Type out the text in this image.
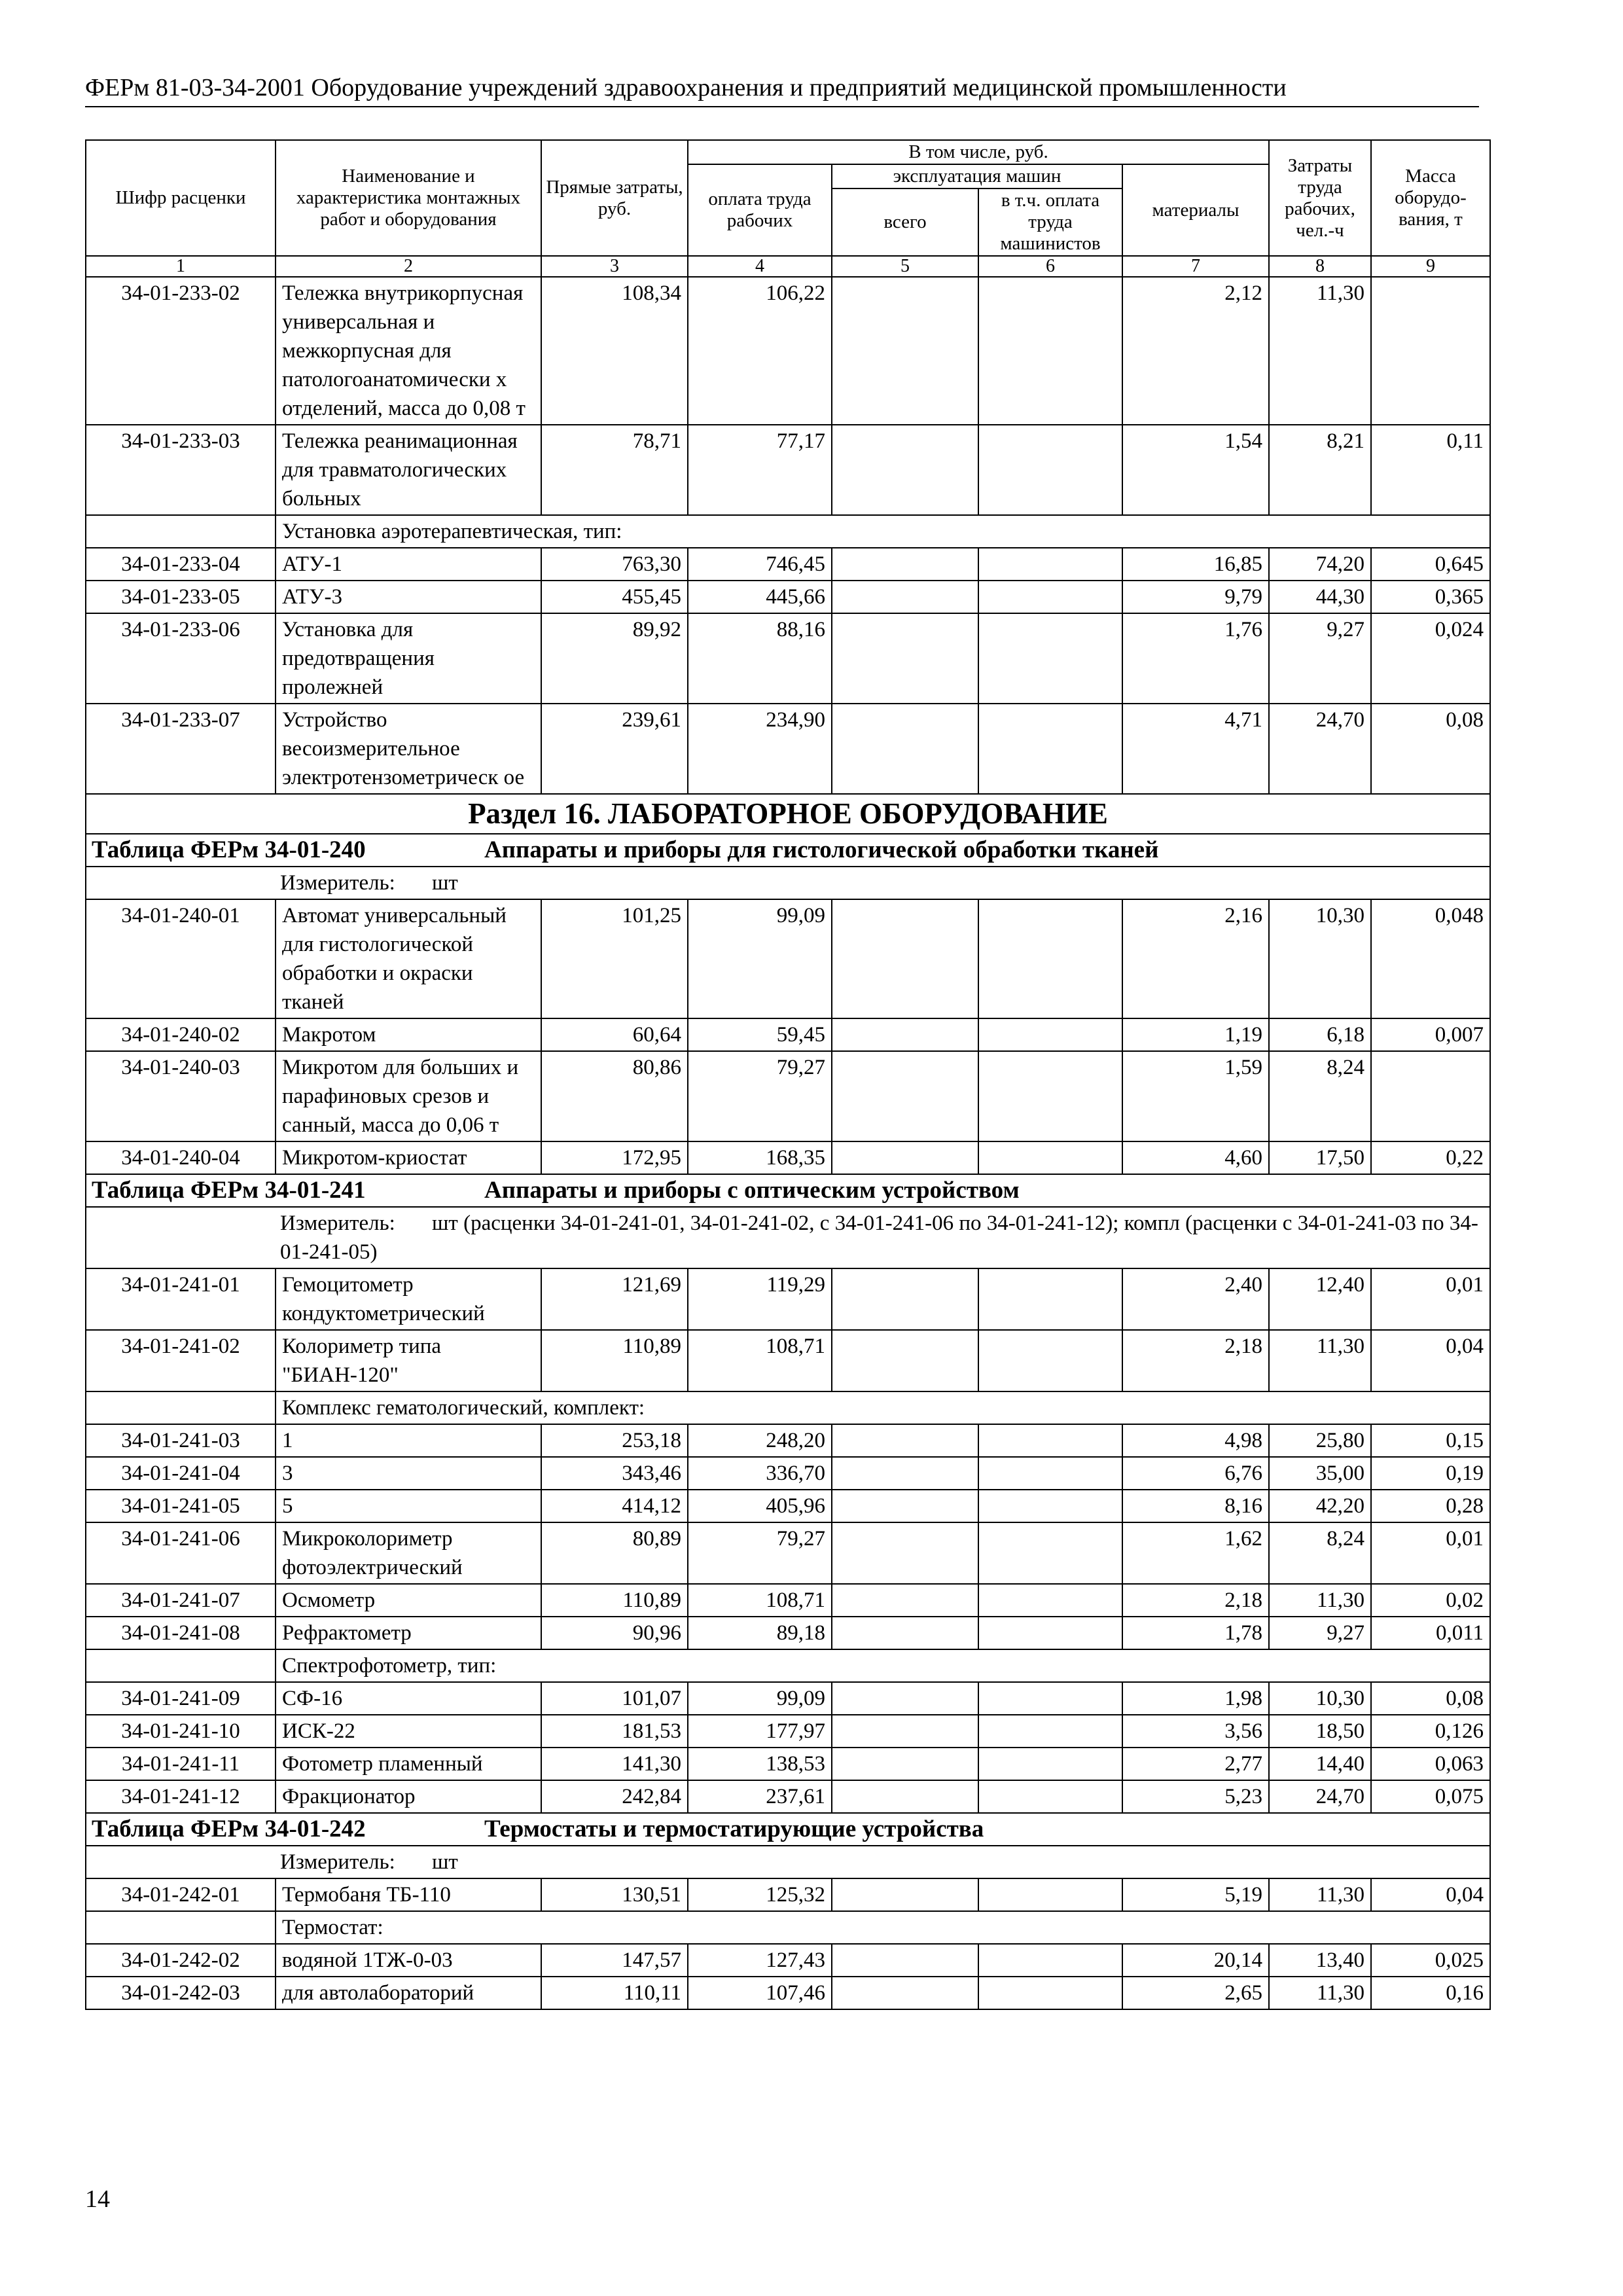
ФЕРм 81-03-34-2001 Оборудование учреждений здравоохранения и предприятий медицинской промышленности
Шифр расценки	Наименование и характеристика монтажных работ и оборудования	Прямые затраты, руб.	В том числе, руб.				Затраты труда рабочих, чел.-ч	Масса оборудо-вания, т
			оплата труда рабочих	эксплуатация машин		материалы		
				всего	в т.ч. оплата труда машинистов			
1	2	3	4	5	6	7	8	9
34-01-233-02	Тележка внутрикорпусная универсальная и межкорпусная для патологоанатомически х отделений, масса до 0,08 т	108,34	106,22			2,12	11,30	
34-01-233-03	Тележка реанимационная для травматологических больных	78,71	77,17			1,54	8,21	0,11
	Установка аэротерапевтическая, тип:							
34-01-233-04	АТУ-1	763,30	746,45			16,85	74,20	0,645
34-01-233-05	АТУ-3	455,45	445,66			9,79	44,30	0,365
34-01-233-06	Установка для предотвращения пролежней	89,92	88,16			1,76	9,27	0,024
34-01-233-07	Устройство весоизмерительное электротензометрическ ое	239,61	234,90			4,71	24,70	0,08
Раздел 16. ЛАБОРАТОРНОЕ ОБОРУДОВАНИЕ								
Таблица ФЕРм 34-01-240 Аппараты и приборы для гистологической обработки тканей								
Измеритель: шт								
34-01-240-01	Автомат универсальный для гистологической обработки и окраски тканей	101,25	99,09			2,16	10,30	0,048
34-01-240-02	Макротом	60,64	59,45			1,19	6,18	0,007
34-01-240-03	Микротом для больших и парафиновых срезов и санный, масса до 0,06 т	80,86	79,27			1,59	8,24	
34-01-240-04	Микротом-криостат	172,95	168,35			4,60	17,50	0,22
Таблица ФЕРм 34-01-241 Аппараты и приборы с оптическим устройством								
Измеритель: шт (расценки 34-01-241-01, 34-01-241-02, с 34-01-241-06 по 34-01-241-12); компл (расценки с 34-01-241-03 по 34-01-241-05)								
34-01-241-01	Гемоцитометр кондуктометрический	121,69	119,29			2,40	12,40	0,01
34-01-241-02	Колориметр типа "БИАН-120"	110,89	108,71			2,18	11,30	0,04
	Комплекс гематологический, комплект:							
34-01-241-03	1	253,18	248,20			4,98	25,80	0,15
34-01-241-04	3	343,46	336,70			6,76	35,00	0,19
34-01-241-05	5	414,12	405,96			8,16	42,20	0,28
34-01-241-06	Микроколориметр фотоэлектрический	80,89	79,27			1,62	8,24	0,01
34-01-241-07	Осмометр	110,89	108,71			2,18	11,30	0,02
34-01-241-08	Рефрактометр	90,96	89,18			1,78	9,27	0,011
	Спектрофотометр, тип:							
34-01-241-09	СФ-16	101,07	99,09			1,98	10,30	0,08
34-01-241-10	ИСК-22	181,53	177,97			3,56	18,50	0,126
34-01-241-11	Фотометр пламенный	141,30	138,53			2,77	14,40	0,063
34-01-241-12	Фракционатор	242,84	237,61			5,23	24,70	0,075
Таблица ФЕРм 34-01-242 Термостаты и термостатирующие устройства								
Измеритель: шт								
34-01-242-01	Термобаня ТБ-110	130,51	125,32			5,19	11,30	0,04
	Термостат:							
34-01-242-02	водяной 1ТЖ-0-03	147,57	127,43			20,14	13,40	0,025
34-01-242-03	для автолабораторий	110,11	107,46			2,65	11,30	0,16
14
